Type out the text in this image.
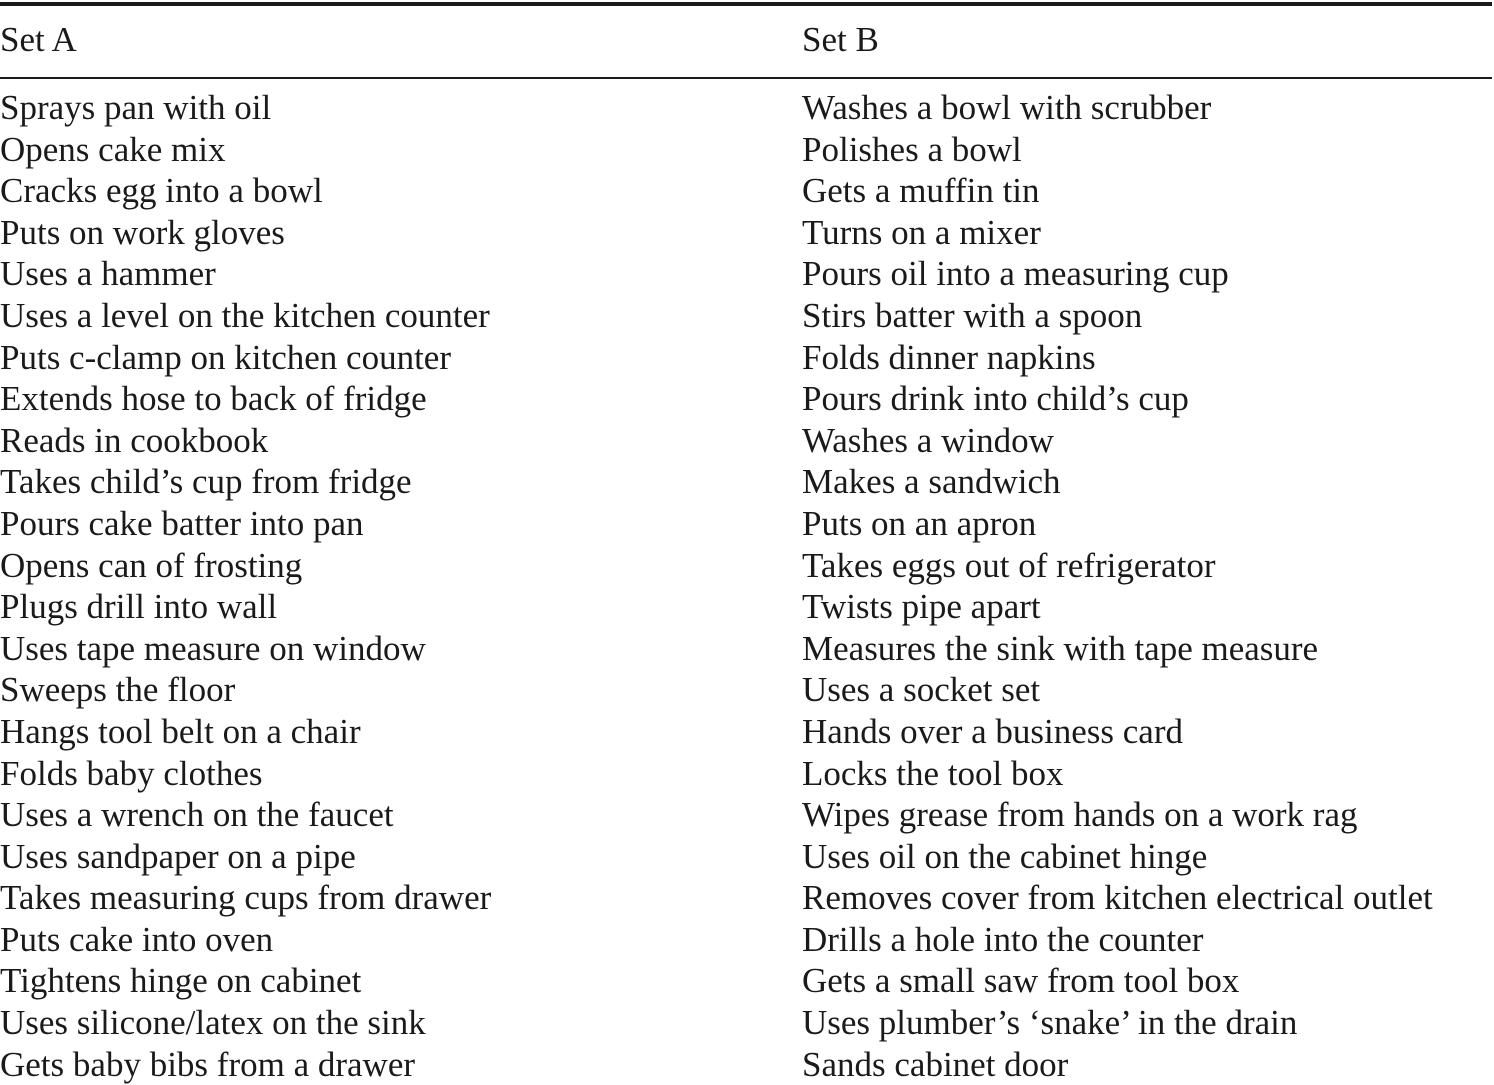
Set A	Set B
Sprays pan with oil	Washes a bowl with scrubber
Opens cake mix	Polishes a bowl
Cracks egg into a bowl	Gets a muffin tin
Puts on work gloves	Turns on a mixer
Uses a hammer	Pours oil into a measuring cup
Uses a level on the kitchen counter	Stirs batter with a spoon
Puts c-clamp on kitchen counter	Folds dinner napkins
Extends hose to back of fridge	Pours drink into child’s cup
Reads in cookbook	Washes a window
Takes child’s cup from fridge	Makes a sandwich
Pours cake batter into pan	Puts on an apron
Opens can of frosting	Takes eggs out of refrigerator
Plugs drill into wall	Twists pipe apart
Uses tape measure on window	Measures the sink with tape measure
Sweeps the floor	Uses a socket set
Hangs tool belt on a chair	Hands over a business card
Folds baby clothes	Locks the tool box
Uses a wrench on the faucet	Wipes grease from hands on a work rag
Uses sandpaper on a pipe	Uses oil on the cabinet hinge
Takes measuring cups from drawer	Removes cover from kitchen electrical outlet
Puts cake into oven	Drills a hole into the counter
Tightens hinge on cabinet	Gets a small saw from tool box
Uses silicone/latex on the sink	Uses plumber’s ‘snake’ in the drain
Gets baby bibs from a drawer	Sands cabinet door
